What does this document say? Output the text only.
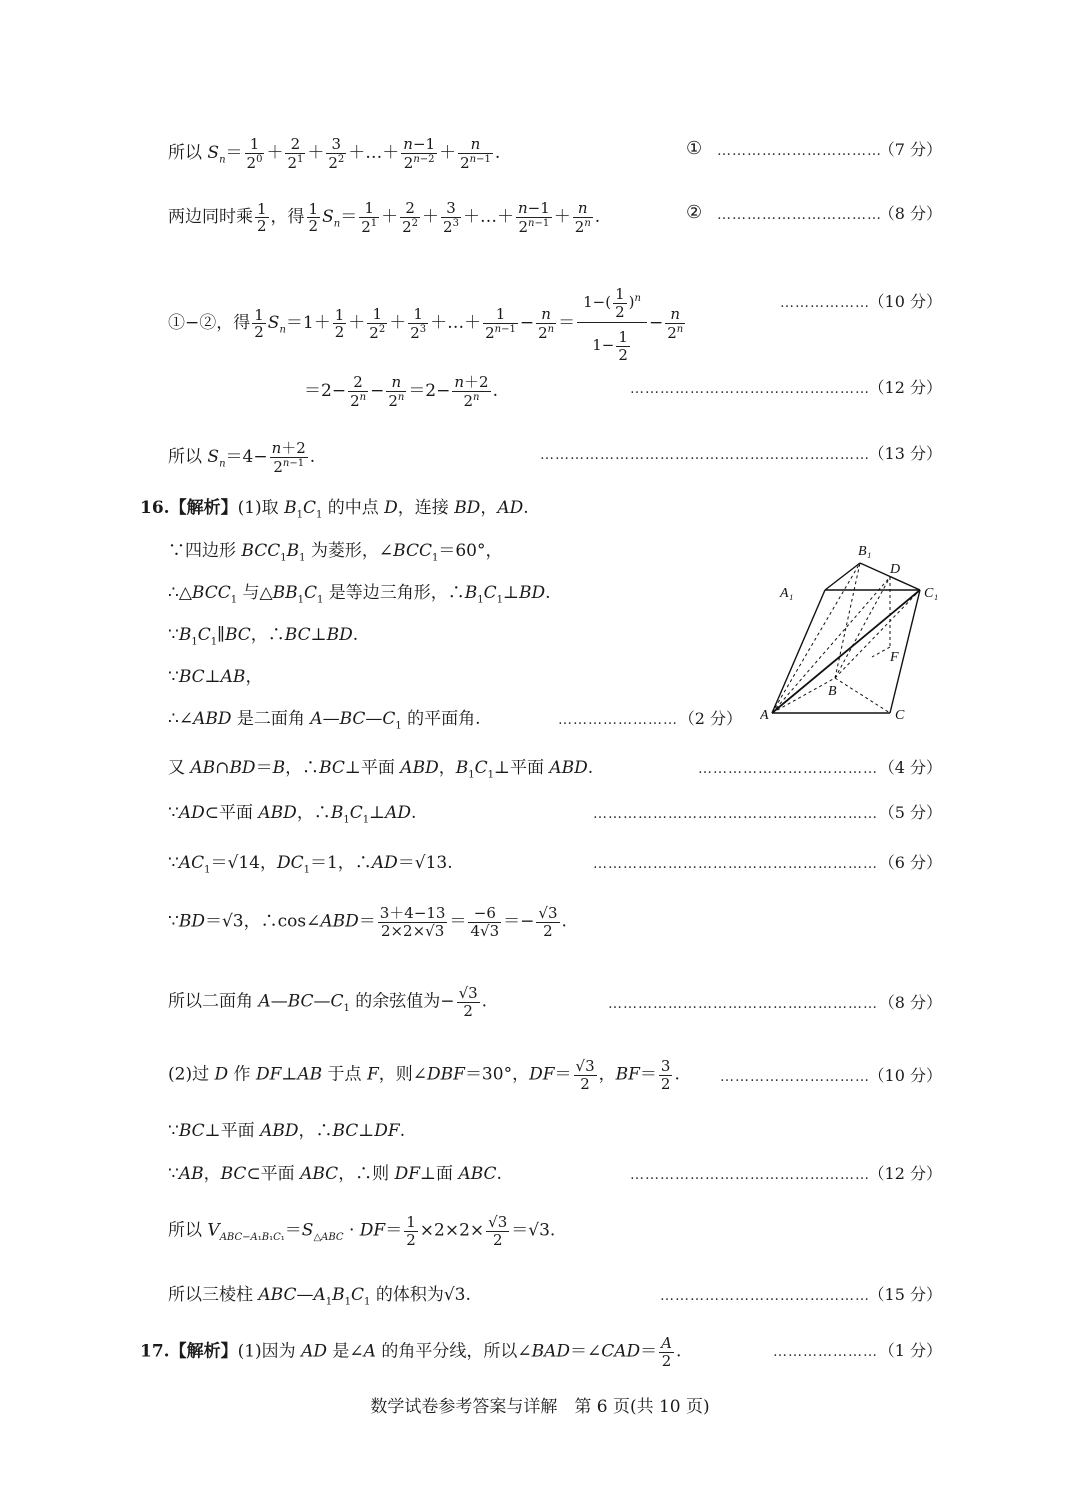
所以 $S_n= \frac{1}{2^0} + \frac{2}{2^1} + \frac{3}{2^2}$ ＋…＋ $\frac{n-1}{2^{n-2}} + \frac{n}{2^{n-1}}$ .	① ……………………………
（7 分）
两边同时乘 $\frac{1}{2}$ ，得 $\frac{1}{2} S_n= \frac{1}{2^1} + \frac{2}{2^2} + \frac{3}{2^3}$ ＋…＋ $\frac{n-1}{2^{n-1}} + \frac{n}{2^n}$ .	② ……………………………
（8 分）
①−②，得 $\frac{1}{2} S_n=1+ \frac{1}{2} + \frac{1}{2^2} + \frac{1}{2^3}$ ＋…＋ $\frac{1}{2^{n-1}} - \frac{n}{2^n} = \frac{1-( \frac{1}{2} )^n}{1- \frac{1}{2}} - \frac{n}{2^n}$
………………
（10 分）
$=2- \frac{2}{2^n} - \frac{n}{2^n} =2- \frac{n+2}{2^n}$ .	…………………………………………
（12 分）
所以 $S_n=4- \frac{n+2}{2^{n-1}}$ .	…………………………………………………………
（13 分）
16.【解析】(1)取 $B_1C_1$ 的中点 D，连接 BD，AD.
∵四边形 $BCC_1B_1$ 为菱形，$\angle BCC_1=60^\circ$，
$\therefore\triangle BCC_1$ 与$\triangle BB_1C_1$ 是等边三角形，$\therefore B_1C_1\perp BD$.
$\because B_1C_1\parallel BC$，∴BC⊥BD.
∵BC⊥AB，
∴∠ABD 是二面角 $A—BC—C_1$ 的平面角.	…………………… （2 分）
又 AB∩BD＝B，∴BC⊥平面 ABD，$B_1C_1\perp$平面 ABD.	……………………………… （4 分）
∵AD⊂平面 ABD，$\therefore B_1C_1\perp AD$.	………………………………………………… （5 分）
$\because AC_1=√14$，$DC_1=1$，∴AD＝√13.	………………………………………………… （6 分）
∵BD＝√3，∴cos∠ABD＝ $\frac{3+4-13}{2\times 2\times√3} = \frac{-6}{4√3} =- \frac{√3}{2}$ .
所以二面角 $A—BC—C_1$ 的余弦值为− $\frac{√3}{2}$ .	……………………………………………… （8 分）
(2)过 D 作 DF⊥AB 于点 F，则∠DBF＝30°，$DF= \frac{√3}{2}$ ，$BF= \frac{3}{2}$ .	…………………………
（10 分）
∵BC⊥平面 ABD，∴BC⊥DF.
∵AB，BC⊂平面 ABC，∴则 DF⊥面 ABC.	…………………………………………
（12 分）
所以 $V_{ABC-A_1B_1C_1}=S_{\triangle ABC} \cdot DF= \frac{1}{2} \times 2\times 2\times \frac{√3}{2} =√3$.
所以三棱柱 $ABC—A_1B_1C_1$ 的体积为√3.	……………………………………
（15 分）
17.【解析】(1)因为 AD 是∠A 的角平分线，所以∠BAD＝∠CAD＝ $\frac{A}{2}$ .	………………… （1 分）
B₁
D
A₁	C₁
F
B
A	C
数学试卷参考答案与详解　第 6 页(共 10 页)
